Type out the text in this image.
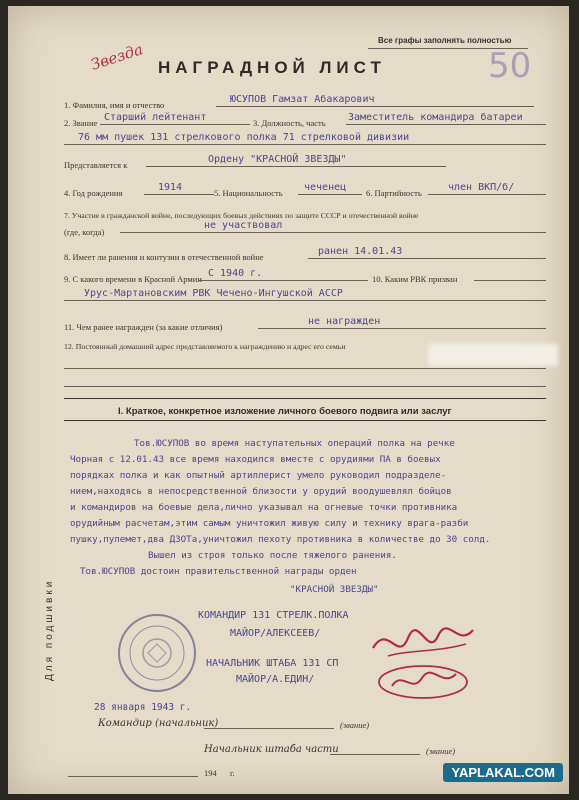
Звезда	Все графы заполнять полностью
НАГРАДНОЙ ЛИСТ	50
1. Фамилия, имя и отчество	ЮСУПОВ Гамзат Абакарович
2. Звание Старший лейтенант	3. Должность, часть Заместитель командира батареи
76 мм пушек 131 стрелкового полка 71 стрелковой дивизии
Представляется к	Ордену "КРАСНОЙ ЗВЕЗДЫ"
4. Год рождения	1914	5. Национальность чеченец 6. Партийность	член ВКП/б/
7. Участие в гражданской войне, последующих боевых действиях по защите СССР и отечественной войне
(где, когда)
не участвовал
8. Имеет ли ранения и контузии в отечественной войне	ранен 14.01.43
9. С какого времени в Красной Армии С 1940 г.	10. Каким РВК призван
Урус-Мартановским РВК Чечено-Ингушской АССР
11. Чем ранее награжден (за какие отличия)	не награжден
12. Постоянный домашний адрес представляемого к награждению и адрес его семьи
Для подшивки
I. Краткое, конкретное изложение личного боевого подвига или заслуг
Тов.ЮСУПОВ во время наступательных операций полка на речке
Чорная с 12.01.43 все время находился вместе с орудиями ПА в боевых
порядках полка и как опытный артиллерист умело руководил подразделе-
нием,находясь в непосредственной близости у орудий воодушевлял бойцов
и командиров на боевые дела,лично указывал на огневые точки противника
орудийным расчетам,этим самым уничтожил живую силу и технику врага-разби
пушку,пулемет,два ДЗОТа,уничтожил пехоту противника в количестве до 30 солд.
Вышел из строя только после тяжелого ранения.
Тов.ЮСУПОВ достоин правительственной награды орден
"КРАСНОЙ ЗВЕЗДЫ"
КОМАНДИР 131 СТРЕЛК.ПОЛКА
МАЙОР/АЛЕКСЕЕВ/
НАЧАЛЬНИК ШТАБА 131 СП
МАЙОР/А.ЕДИН/
28 января 1943 г.
Командир (начальник)	(звание)
Начальник штаба части	(звание)
194 г.	YAPLAKAL.COM
